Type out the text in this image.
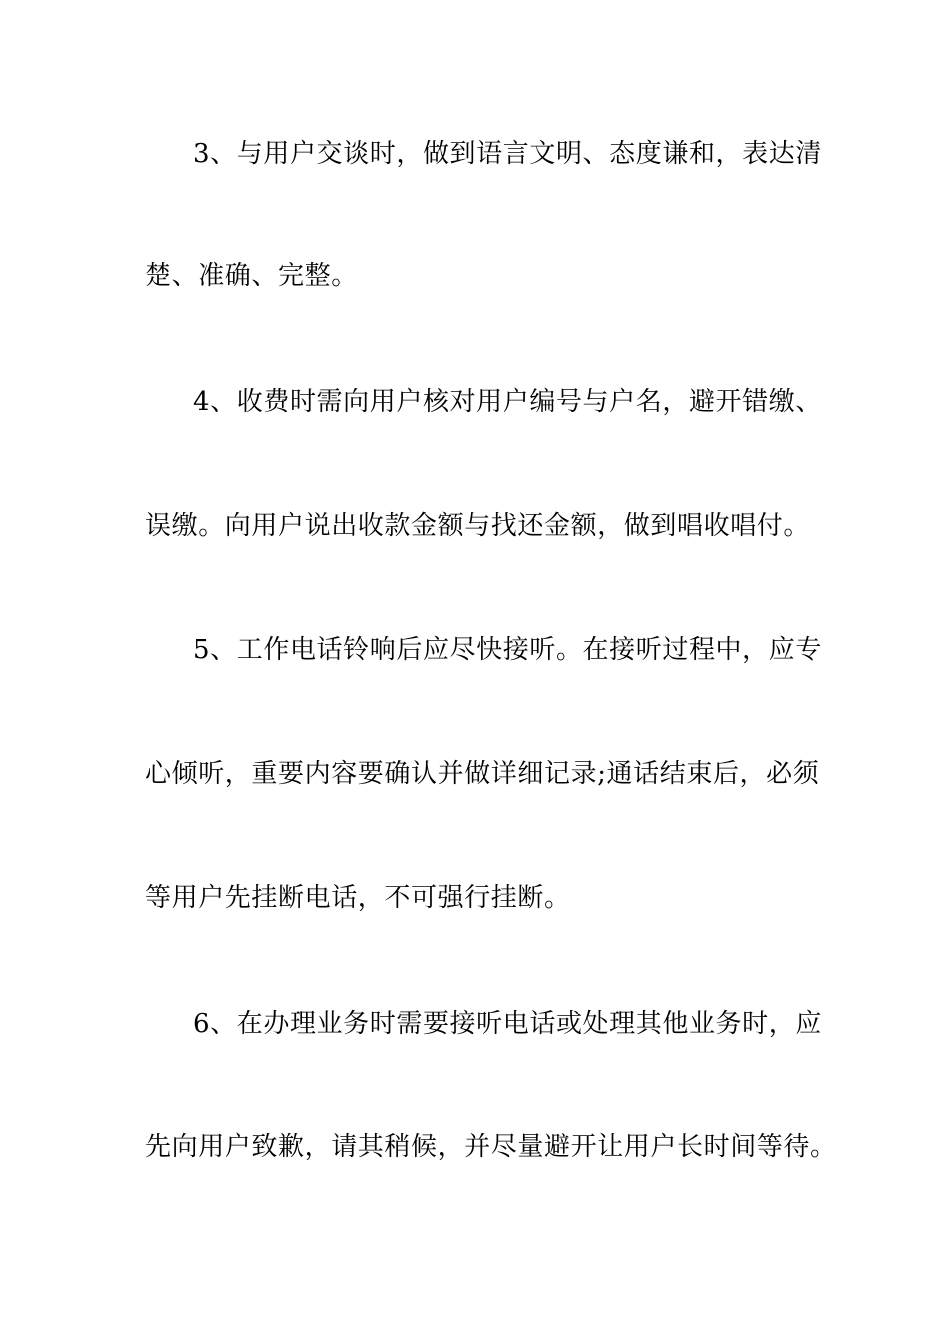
3、与用户交谈时，做到语言文明、态度谦和，表达清
楚、准确、完整。
4、收费时需向用户核对用户编号与户名，避开错缴、
误缴。向用户说出收款金额与找还金额，做到唱收唱付。
5、工作电话铃响后应尽快接听。在接听过程中，应专
心倾听，重要内容要确认并做详细记录;通话结束后，必须
等用户先挂断电话，不可强行挂断。
6、在办理业务时需要接听电话或处理其他业务时，应
先向用户致歉，请其稍候，并尽量避开让用户长时间等待。
